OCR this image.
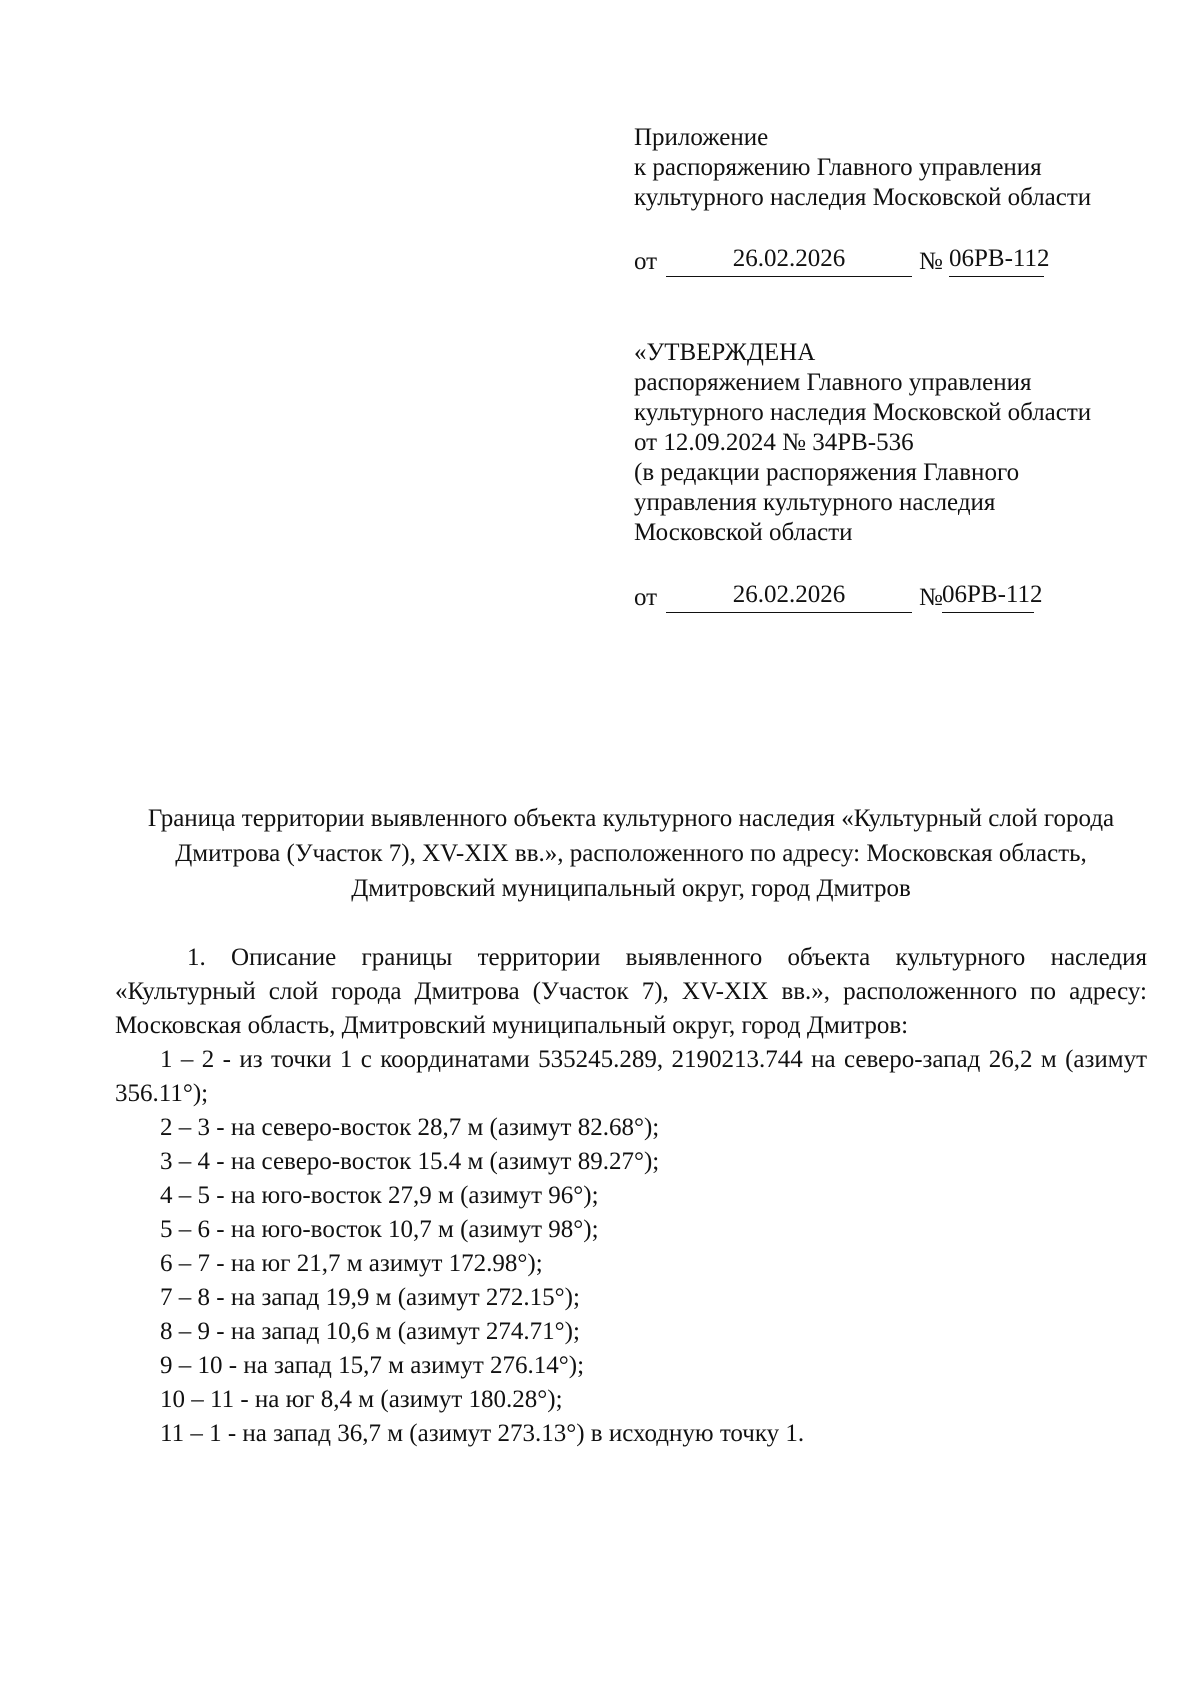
Приложение
к распоряжению Главного управления
культурного наследия Московской области
от	26.02.2026	№ 06РВ-112
«УТВЕРЖДЕНА
распоряжением Главного управления
культурного наследия Московской области
от 12.09.2024 № 34РВ-536
(в редакции распоряжения Главного
управления культурного наследия
Московской области
от	26.02.2026	№ 06РВ-112
Граница территории выявленного объекта культурного наследия «Культурный слой города Дмитрова (Участок 7), XV-XIX вв.», расположенного по адресу: Московская область, Дмитровский муниципальный округ, город Дмитров
1. Описание границы территории выявленного объекта культурного наследия «Культурный слой города Дмитрова (Участок 7), XV-XIX вв.», расположенного по адресу: Московская область, Дмитровский муниципальный округ, город Дмитров:
1 – 2 - из точки 1 с координатами 535245.289, 2190213.744 на северо-запад 26,2 м (азимут 356.11°);
2 – 3 - на северо-восток 28,7 м (азимут 82.68°);
3 – 4 - на северо-восток 15.4 м (азимут 89.27°);
4 – 5 - на юго-восток 27,9 м (азимут 96°);
5 – 6 - на юго-восток 10,7 м (азимут 98°);
6 – 7 - на юг 21,7 м азимут 172.98°);
7 – 8 - на запад 19,9 м (азимут 272.15°);
8 – 9 - на запад 10,6 м (азимут 274.71°);
9 – 10 - на запад 15,7 м азимут 276.14°);
10 – 11 - на юг 8,4 м (азимут 180.28°);
11 – 1 - на запад 36,7 м (азимут 273.13°) в исходную точку 1.
